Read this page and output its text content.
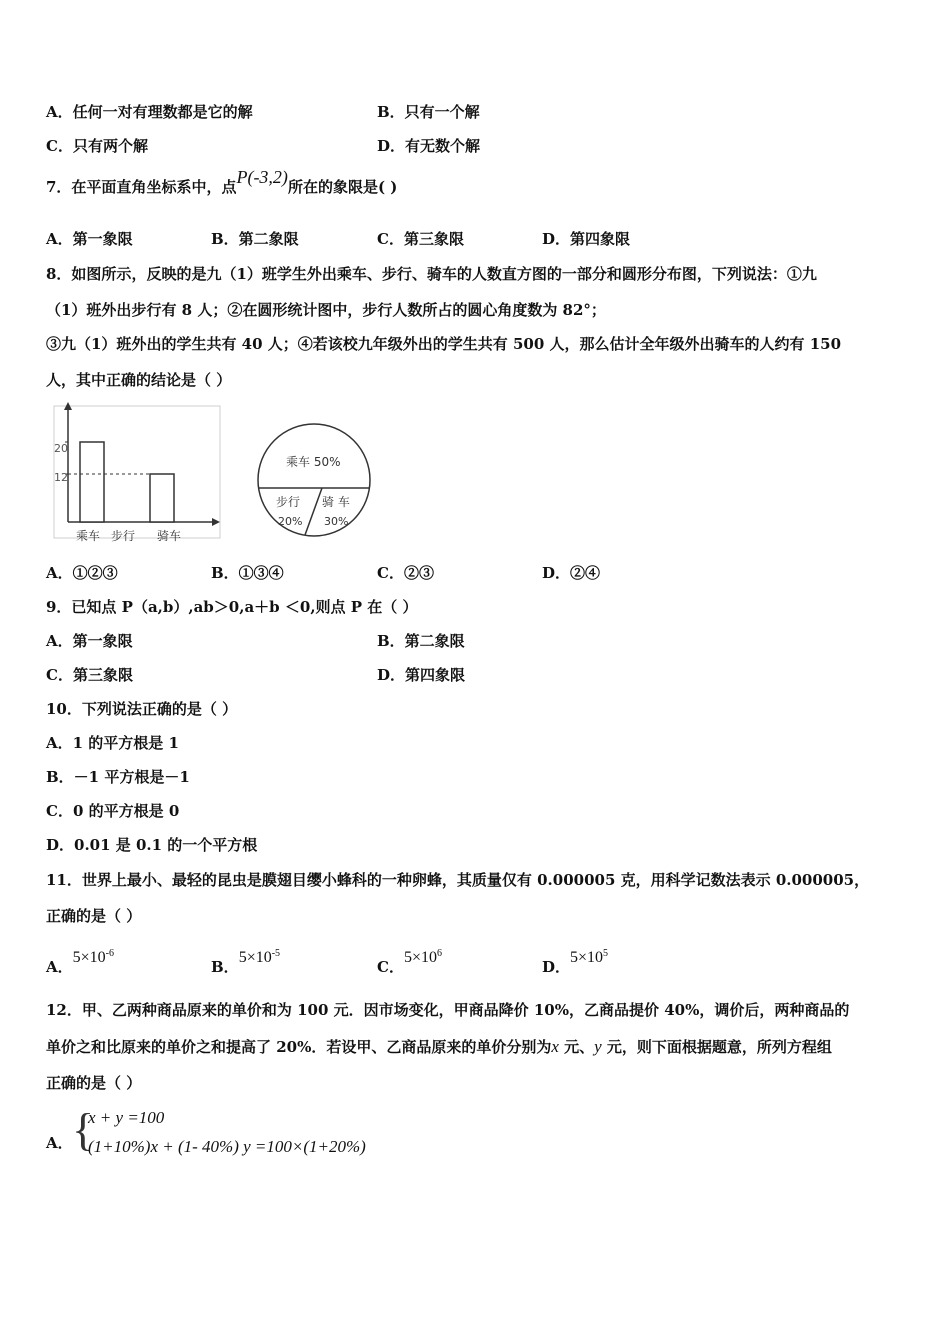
A．任何一对有理数都是它的解	B．只有一个解
C．只有两个解	D．有无数个解
7．在平面直角坐标系中，点P(-3,2)所在的象限是( )
A．第一象限	B．第二象限	C．第三象限	D．第四象限
8．如图所示，反映的是九（1）班学生外出乘车、步行、骑车的人数直方图的一部分和圆形分布图，下列说法：①九
（1）班外出步行有 8 人；②在圆形统计图中，步行人数所占的圆心角度数为 82°；
③九（1）班外出的学生共有 40 人；④若该校九年级外出的学生共有 500 人，那么估计全年级外出骑车的人约有 150
人，其中正确的结论是（ ）
20
12
乘车 步行 骑车
乘车 50%
步行
20%
骑 车
30%
A．①②③	B．①③④	C．②③	D．②④
9．已知点 P（a,b）,ab＞0,a＋b ＜0,则点 P 在（ ）
A．第一象限	B．第二象限
C．第三象限	D．第四象限
10．下列说法正确的是（ ）
A．1 的平方根是 1
B．－1 平方根是－1
C．0 的平方根是 0
D．0.01 是 0.1 的一个平方根
11．世界上最小、最轻的昆虫是膜翅目缨小蜂科的一种卵蜂，其质量仅有 0.000005 克，用科学记数法表示 0.000005，
正确的是（ ）
A．$5\times 10^{-6}$
B．$5\times 10^{-5}$
C．$5\times 10^6$
D．$5\times 10^5$
12．甲、乙两种商品原来的单价和为 100 元．因市场变化，甲商品降价 10%，乙商品提价 40%，调价后，两种商品的
单价之和比原来的单价之和提高了 20%．若设甲、乙商品原来的单价分别为x 元、y 元，则下面根据题意，所列方程组
正确的是（ ）
A． {
x + y =100
(1+10%)x + (1- 40%) y =100×(1+20%)
